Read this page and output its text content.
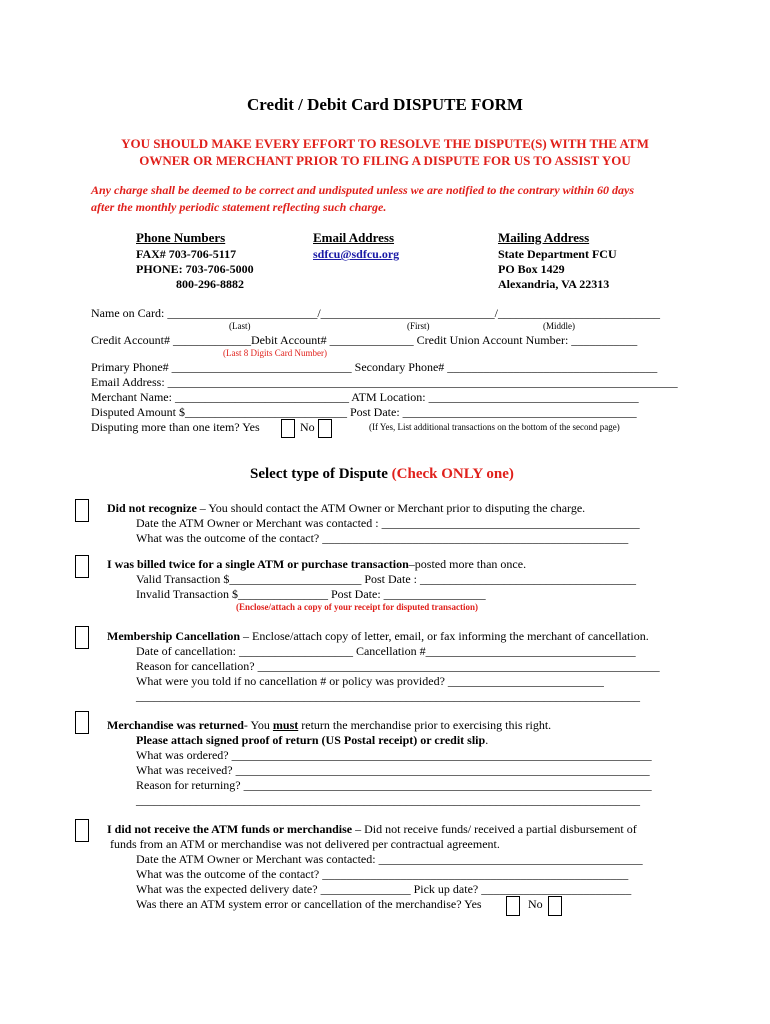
Credit / Debit Card DISPUTE FORM
YOU SHOULD MAKE EVERY EFFORT TO RESOLVE THE DISPUTE(S) WITH THE ATM
OWNER OR MERCHANT PRIOR TO FILING A DISPUTE FOR US TO ASSIST YOU
Any charge shall be deemed to be correct and undisputed unless we are notified to the contrary within 60 days
after the monthly periodic statement reflecting such charge.
Phone Numbers
FAX# 703-706-5117
PHONE: 703-706-5000
800-296-8882
Email Address
sdfcu@sdfcu.org
Mailing Address
State Department FCU
PO Box 1429
Alexandria, VA 22313
Name on Card: _________________________/_____________________________/___________________________
(Last)	(First)	(Middle)
Credit Account# _____________Debit Account# ______________ Credit Union Account Number: ___________
(Last 8 Digits Card Number)
Primary Phone# ______________________________ Secondary Phone# ___________________________________
Email Address: _____________________________________________________________________________________
Merchant Name: _____________________________ ATM Location: ___________________________________
Disputed Amount $___________________________ Post Date: _______________________________________
Disputing more than one item? Yes	No	(If Yes, List additional transactions on the bottom of the second page)
Select type of Dispute (Check ONLY one)
Did not recognize – You should contact the ATM Owner or Merchant prior to disputing the charge.
Date the ATM Owner or Merchant was contacted : ___________________________________________
What was the outcome of the contact? ___________________________________________________
I was billed twice for a single ATM or purchase transaction–posted more than once.
Valid Transaction $______________________ Post Date : ____________________________________
Invalid Transaction $_______________ Post Date: _________________
(Enclose/attach a copy of your receipt for disputed transaction)
Membership Cancellation – Enclose/attach copy of letter, email, or fax informing the merchant of cancellation.
Date of cancellation: ___________________ Cancellation #___________________________________
Reason for cancellation? ___________________________________________________________________
What were you told if no cancellation # or policy was provided? __________________________
____________________________________________________________________________________
Merchandise was returned- You must return the merchandise prior to exercising this right.
Please attach signed proof of return (US Postal receipt) or credit slip.
What was ordered? ______________________________________________________________________
What was received? _____________________________________________________________________
Reason for returning? ____________________________________________________________________
____________________________________________________________________________________
I did not receive the ATM funds or merchandise – Did not receive funds/ received a partial disbursement of
funds from an ATM or merchandise was not delivered per contractual agreement.
Date the ATM Owner or Merchant was contacted: ____________________________________________
What was the outcome of the contact? ___________________________________________________
What was the expected delivery date? _______________ Pick up date? _________________________
Was there an ATM system error or cancellation of the merchandise? Yes	No
